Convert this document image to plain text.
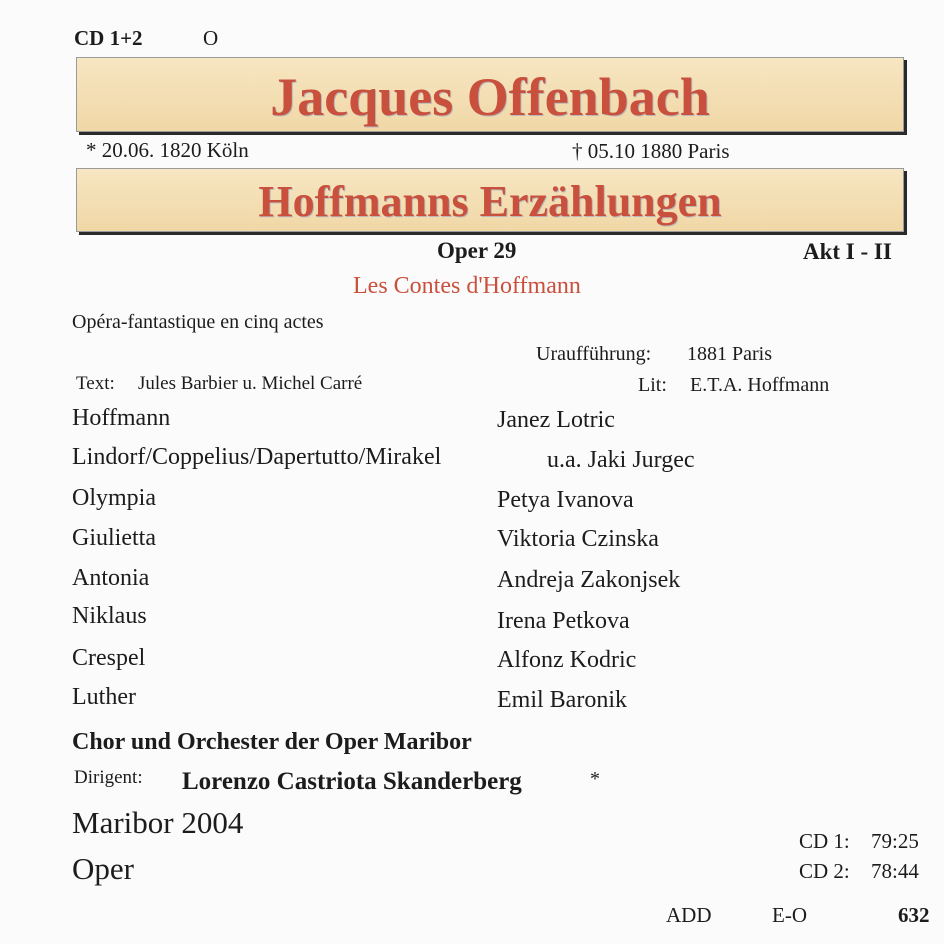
CD 1+2	O
Jacques Offenbach
* 20.06. 1820 Köln	† 05.10 1880 Paris
Hoffmanns Erzählungen
Oper 29	Akt I - II
Les Contes d'Hoffmann
Opéra-fantastique en cinq actes
Uraufführung: 1881 Paris
Text: Jules Barbier u. Michel Carré	Lit: E.T.A. Hoffmann
Hoffmann	Janez Lotric
Lindorf/Coppelius/Dapertutto/Mirakel	u.a. Jaki Jurgec
Olympia	Petya Ivanova
Giulietta	Viktoria Czinska
Antonia	Andreja Zakonjsek
Niklaus	Irena Petkova
Crespel	Alfonz Kodric
Luther	Emil Baronik
Chor und Orchester der Oper Maribor
Dirigent: Lorenzo Castriota Skanderberg	*
Maribor 2004
Oper
CD 1: 79:25
CD 2: 78:44
ADD	E-O	632
